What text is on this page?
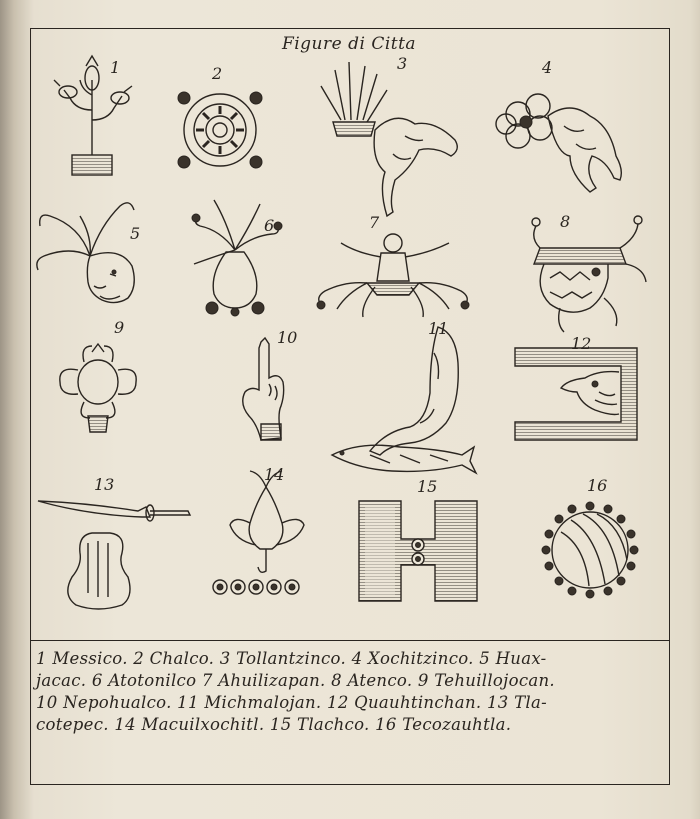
Figure di Citta
1	2
3	4
5	6	7	8
9
10	11
12
13
14
15	16
1 Messico. 2 Chalco. 3 Tollantzinco. 4 Xochitzinco. 5 Huax-
jacac. 6 Atotonilco 7 Ahuilizapan. 8 Atenco. 9 Tehuillojocan.
10 Nepohualco. 11 Michmalojan. 12 Quauhtinchan. 13 Tla-
cotepec. 14 Macuilxochitl. 15 Tlachco. 16 Tecozauhtla.
